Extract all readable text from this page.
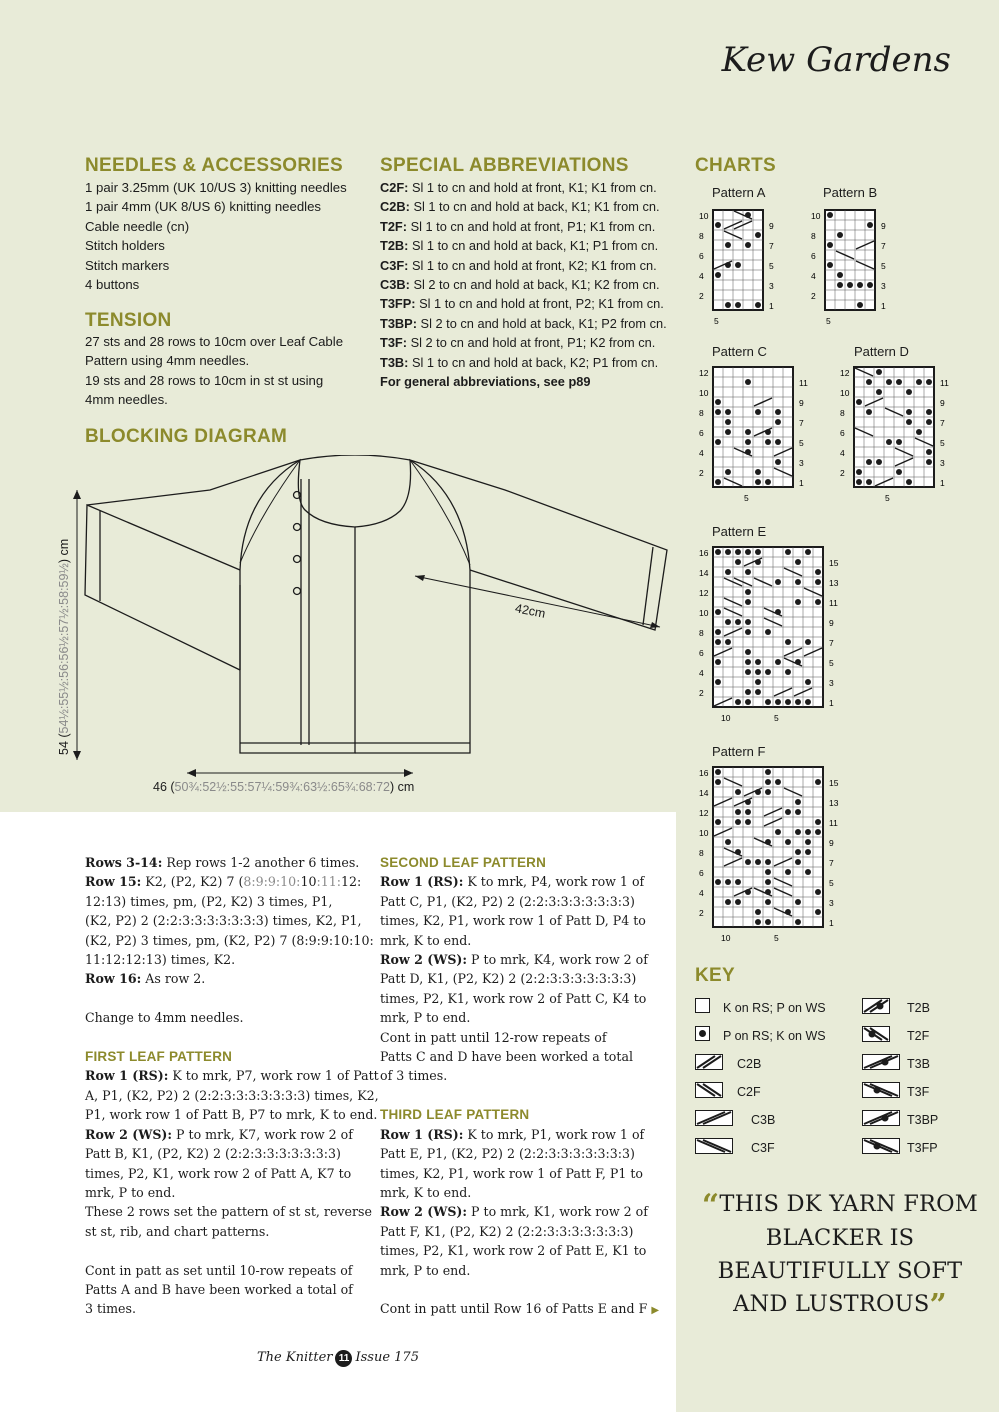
Kew Gardens
NEEDLES & ACCESSORIES
1 pair 3.25mm (UK 10/US 3) knitting needles
1 pair 4mm (UK 8/US 6) knitting needles
Cable needle (cn)
Stitch holders
Stitch markers
4 buttons
TENSION
27 sts and 28 rows to 10cm over Leaf Cable
Pattern using 4mm needles.
19 sts and 28 rows to 10cm in st st using
4mm needles.
BLOCKING DIAGRAM
42cm
46 (50¾:52½:55:57¼:59¾:63½:65¾:68:72) cm
54 (54½:55½:56:56½:57½:58:59½) cm
SPECIAL ABBREVIATIONS
C2F: Sl 1 to cn and hold at front, K1; K1 from cn.
C2B: Sl 1 to cn and hold at back, K1; K1 from cn.
T2F: Sl 1 to cn and hold at front, P1; K1 from cn.
T2B: Sl 1 to cn and hold at back, K1; P1 from cn.
C3F: Sl 1 to cn and hold at front, K2; K1 from cn.
C3B: Sl 2 to cn and hold at back, K1; K2 from cn.
T3FP: Sl 1 to cn and hold at front, P2; K1 from cn.
T3BP: Sl 2 to cn and hold at back, K1; P2 from cn.
T3F: Sl 2 to cn and hold at front, P1; K2 from cn.
T3B: Sl 1 to cn and hold at back, K2; P1 from cn.
For general abbreviations, see p89
CHARTS
Pattern A	Pattern B
Pattern C	Pattern D
Pattern E
Pattern F
1
2
3
4
5
6
7
8
9
10
5
1
2
3
4
5
6
7
8
9
10
5
1
2
3
4
5
6
7
8
9
10
11
12
5
1
2
3
4
5
6
7
8
9
10
11
12
5
1
2
3
4
5
6
7
8
9
10
11
12
13
14
15
16
5
10
1
2
3
4
5
6
7
8
9
10
11
12
13
14
15
16
5
10
KEY
K on RS; P on WS
P on RS; K on WS
C2B
C2F
C3B
C3F
T2B
T2F
T3B
T3F
T3BP
T3FP
“THIS DK YARN FROM BLACKER IS BEAUTIFULLY SOFT AND LUSTROUS”
Rows 3-14: Rep rows 1-2 another 6 times.
Row 15: K2, (P2, K2) 7 (8:9:9:10:10:11:12:
12:13) times, pm, (P2, K2) 3 times, P1,
(K2, P2) 2 (2:2:3:3:3:3:3:3:3) times, K2, P1,
(K2, P2) 3 times, pm, (K2, P2) 7 (8:9:9:10:10:
11:12:12:13) times, K2.
Row 16: As row 2.

Change to 4mm needles.

FIRST LEAF PATTERN
Row 1 (RS): K to mrk, P7, work row 1 of Patt
A, P1, (K2, P2) 2 (2:2:3:3:3:3:3:3:3) times, K2,
P1, work row 1 of Patt B, P7 to mrk, K to end.
Row 2 (WS): P to mrk, K7, work row 2 of
Patt B, K1, (P2, K2) 2 (2:2:3:3:3:3:3:3:3)
times, P2, K1, work row 2 of Patt A, K7 to
mrk, P to end.
These 2 rows set the pattern of st st, reverse
st st, rib, and chart patterns.

Cont in patt as set until 10-row repeats of
Patts A and B have been worked a total of
3 times.
SECOND LEAF PATTERN
Row 1 (RS): K to mrk, P4, work row 1 of
Patt C, P1, (K2, P2) 2 (2:2:3:3:3:3:3:3:3)
times, K2, P1, work row 1 of Patt D, P4 to
mrk, K to end.
Row 2 (WS): P to mrk, K4, work row 2 of
Patt D, K1, (P2, K2) 2 (2:2:3:3:3:3:3:3:3)
times, P2, K1, work row 2 of Patt C, K4 to
mrk, P to end.
Cont in patt until 12-row repeats of
Patts C and D have been worked a total
of 3 times.

THIRD LEAF PATTERN
Row 1 (RS): K to mrk, P1, work row 1 of
Patt E, P1, (K2, P2) 2 (2:2:3:3:3:3:3:3:3)
times, K2, P1, work row 1 of Patt F, P1 to
mrk, K to end.
Row 2 (WS): P to mrk, K1, work row 2 of
Patt F, K1, (P2, K2) 2 (2:2:3:3:3:3:3:3:3)
times, P2, K1, work row 2 of Patt E, K1 to
mrk, P to end.

Cont in patt until Row 16 of Patts E and F ▶
The Knitter 11 Issue 175
